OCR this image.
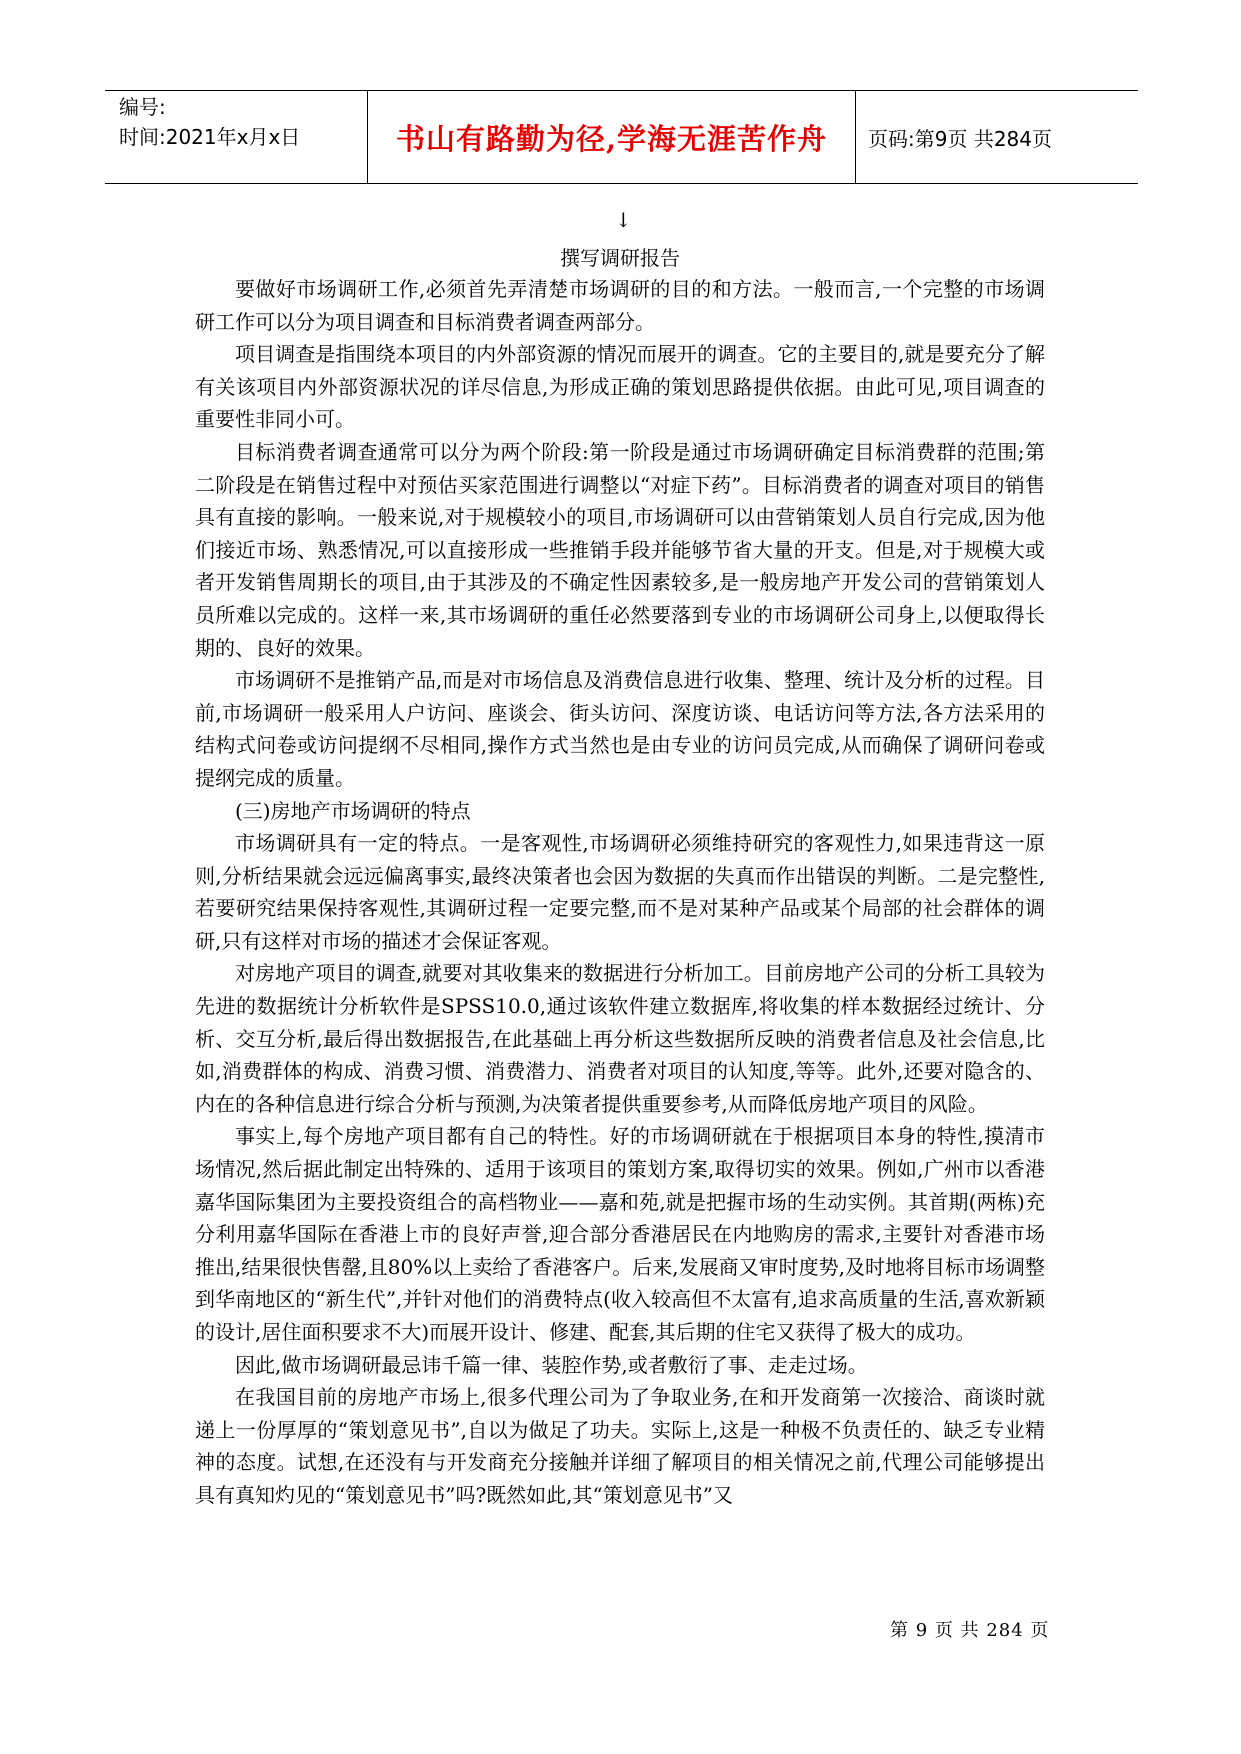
编号:
时间:2021年x月x日	书山有路勤为径,学海无涯苦作舟	页码:第9页 共284页
↓
撰写调研报告

要做好市场调研工作,必须首先弄清楚市场调研的目的和方法。一般而言,一个完整的市场调研工作可以分为项目调查和目标消费者调查两部分。

项目调查是指围绕本项目的内外部资源的情况而展开的调查。它的主要目的,就是要充分了解有关该项目内外部资源状况的详尽信息,为形成正确的策划思路提供依据。由此可见,项目调查的重要性非同小可。

目标消费者调查通常可以分为两个阶段:第一阶段是通过市场调研确定目标消费群的范围;第二阶段是在销售过程中对预估买家范围进行调整以“对症下药”。目标消费者的调查对项目的销售具有直接的影响。一般来说,对于规模较小的项目,市场调研可以由营销策划人员自行完成,因为他们接近市场、熟悉情况,可以直接形成一些推销手段并能够节省大量的开支。但是,对于规模大或者开发销售周期长的项目,由于其涉及的不确定性因素较多,是一般房地产开发公司的营销策划人员所难以完成的。这样一来,其市场调研的重任必然要落到专业的市场调研公司身上,以便取得长期的、良好的效果。

市场调研不是推销产品,而是对市场信息及消费信息进行收集、整理、统计及分析的过程。目前,市场调研一般采用人户访问、座谈会、街头访问、深度访谈、电话访问等方法,各方法采用的结构式问卷或访问提纲不尽相同,操作方式当然也是由专业的访问员完成,从而确保了调研问卷或提纲完成的质量。

(三)房地产市场调研的特点

市场调研具有一定的特点。一是客观性,市场调研必须维持研究的客观性力,如果违背这一原则,分析结果就会远远偏离事实,最终决策者也会因为数据的失真而作出错误的判断。二是完整性,若要研究结果保持客观性,其调研过程一定要完整,而不是对某种产品或某个局部的社会群体的调研,只有这样对市场的描述才会保证客观。

对房地产项目的调查,就要对其收集来的数据进行分析加工。目前房地产公司的分析工具较为先进的数据统计分析软件是SPSS10.0,通过该软件建立数据库,将收集的样本数据经过统计、分析、交互分析,最后得出数据报告,在此基础上再分析这些数据所反映的消费者信息及社会信息,比如,消费群体的构成、消费习惯、消费潜力、消费者对项目的认知度,等等。此外,还要对隐含的、内在的各种信息进行综合分析与预测,为决策者提供重要参考,从而降低房地产项目的风险。

事实上,每个房地产项目都有自己的特性。好的市场调研就在于根据项目本身的特性,摸清市场情况,然后据此制定出特殊的、适用于该项目的策划方案,取得切实的效果。例如,广州市以香港嘉华国际集团为主要投资组合的高档物业——嘉和苑,就是把握市场的生动实例。其首期(两栋)充分利用嘉华国际在香港上市的良好声誉,迎合部分香港居民在内地购房的需求,主要针对香港市场推出,结果很快售罄,且80%以上卖给了香港客户。后来,发展商又审时度势,及时地将目标市场调整到华南地区的“新生代”,并针对他们的消费特点(收入较高但不太富有,追求高质量的生活,喜欢新颖的设计,居住面积要求不大)而展开设计、修建、配套,其后期的住宅又获得了极大的成功。

因此,做市场调研最忌讳千篇一律、装腔作势,或者敷衍了事、走走过场。

在我国目前的房地产市场上,很多代理公司为了争取业务,在和开发商第一次接洽、商谈时就递上一份厚厚的“策划意见书”,自以为做足了功夫。实际上,这是一种极不负责任的、缺乏专业精神的态度。试想,在还没有与开发商充分接触并详细了解项目的相关情况之前,代理公司能够提出具有真知灼见的“策划意见书”吗?既然如此,其“策划意见书”又

第 9 页 共 284 页
